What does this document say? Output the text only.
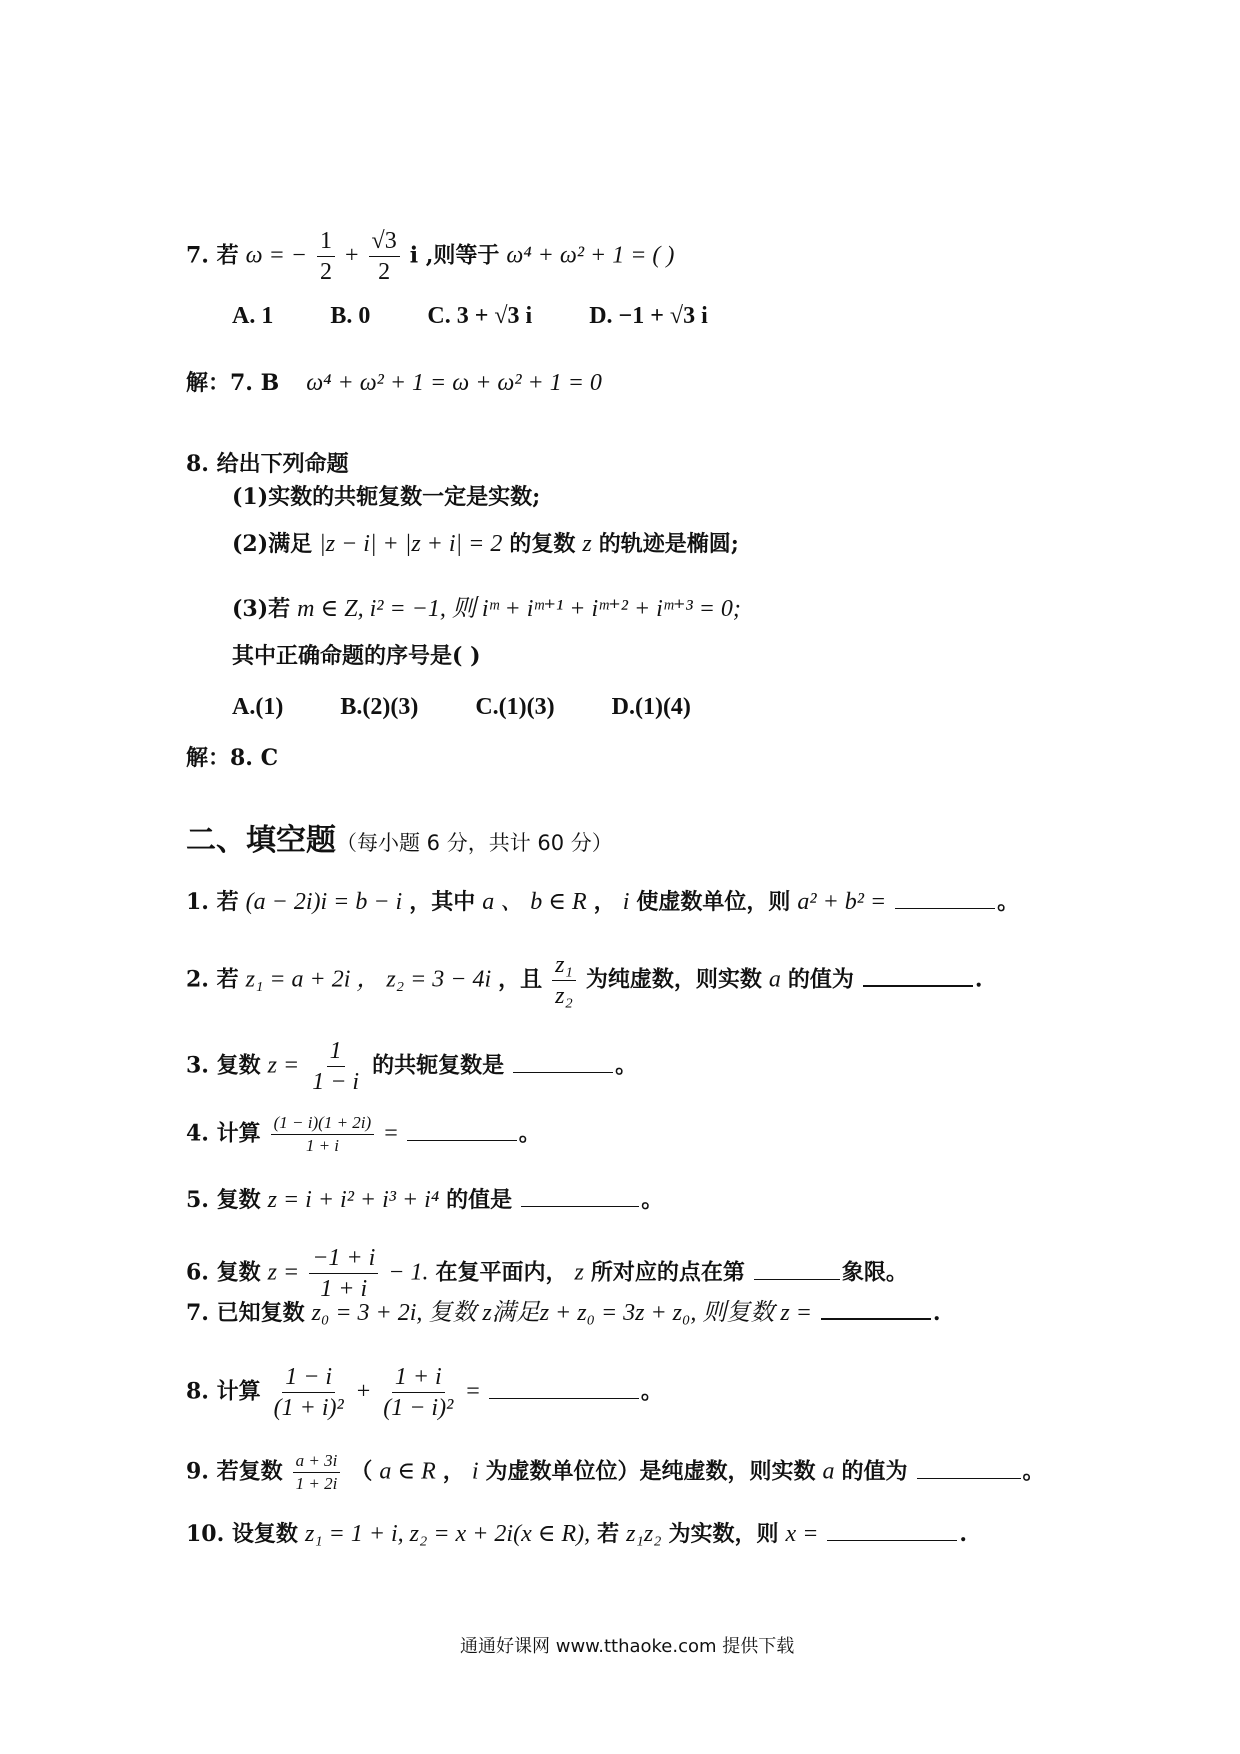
7. 若 ω = − $\frac{1}{2} + \frac{√3}{2}$ i ,则等于 ω⁴ + ω² + 1 = ( )
A. 1 B. 0 C. 3 + √3 i D. −1 + √3 i
解：7. B ω⁴ + ω² + 1 = ω + ω² + 1 = 0
8. 给出下列命题
(1)实数的共轭复数一定是实数;
(2)满足 |z − i| + |z + i| = 2 的复数 z 的轨迹是椭圆;
(3)若 m ∈ Z, i² = −1, 则 iᵐ + iᵐ⁺¹ + iᵐ⁺² + iᵐ⁺³ = 0;
其中正确命题的序号是( )
A.(1) B.(2)(3) C.(1)(3) D.(1)(4)
解：8. C
二、填空题（每小题 6 分，共计 60 分）
1. 若 (a − 2i)i = b − i ，其中 a 、 b ∈ R ， i 使虚数单位，则 a² + b² =	。
2. 若 z₁ = a + 2i ， z₂ = 3 − 4i ，且 $\frac{\text{z₁}}{\text{z₂}}$ 为纯虚数，则实数 a 的值为	.
3. 复数 $z = \frac{1}{1 - i}$ 的共轭复数是	。
4. 计算 $\frac{(1 - i)(1 + 2i)}{1 + i}$ =	。
5. 复数 z = i + i² + i³ + i⁴ 的值是	。
6. 复数 $z = \frac{-1 + i}{1 + i} - 1$. 在复平面内， z 所对应的点在第	象限。
7. 已知复数 z₀ = 3 + 2i, 复数 z满足z + z₀ = 3z + z₀, 则复数 z =	.
8. 计算 $\frac{1 - i}{\text{(1 + i)²}} + \frac{1 + i}{\text{(1 − i)²}}$ =	。
9. 若复数 $\frac{a + 3i}{1 + 2i}$ （ a ∈ R ， i 为虚数单位位）是纯虚数，则实数 a 的值为	。
10. 设复数 z₁ = 1 + i, z₂ = x + 2i(x ∈ R), 若 z₁z₂ 为实数，则 x =	.
通通好课网 www.tthaoke.com 提供下载
